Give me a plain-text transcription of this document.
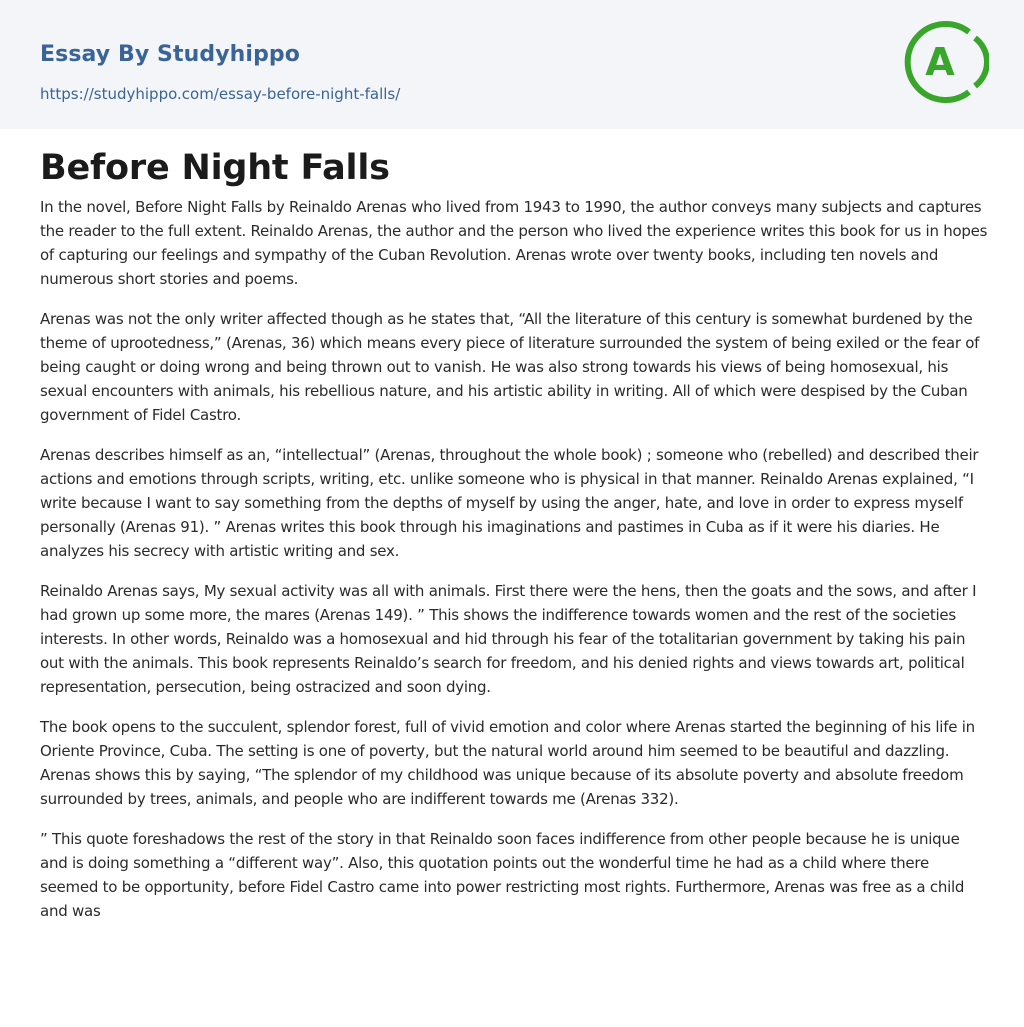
Essay By Studyhippo
https://studyhippo.com/essay-before-night-falls/
A
Before Night Falls

In the novel, Before Night Falls by Reinaldo Arenas who lived from 1943 to 1990, the author conveys many subjects and captures the reader to the full extent. Reinaldo Arenas, the author and the person who lived the experience writes this book for us in hopes of capturing our feelings and sympathy of the Cuban Revolution. Arenas wrote over twenty books, including ten novels and numerous short stories and poems.

Arenas was not the only writer affected though as he states that, “All the literature of this century is somewhat burdened by the theme of uprootedness,” (Arenas, 36) which means every piece of literature surrounded the system of being exiled or the fear of being caught or doing wrong and being thrown out to vanish. He was also strong towards his views of being homosexual, his sexual encounters with animals, his rebellious nature, and his artistic ability in writing. All of which were despised by the Cuban government of Fidel Castro.

Arenas describes himself as an, “intellectual” (Arenas, throughout the whole book) ; someone who (rebelled) and described their actions and emotions through scripts, writing, etc. unlike someone who is physical in that manner. Reinaldo Arenas explained, “I write because I want to say something from the depths of myself by using the anger, hate, and love in order to express myself personally (Arenas 91). ” Arenas writes this book through his imaginations and pastimes in Cuba as if it were his diaries. He analyzes his secrecy with artistic writing and sex.

Reinaldo Arenas says, My sexual activity was all with animals. First there were the hens, then the goats and the sows, and after I had grown up some more, the mares (Arenas 149). ” This shows the indifference towards women and the rest of the societies interests. In other words, Reinaldo was a homosexual and hid through his fear of the totalitarian government by taking his pain out with the animals. This book represents Reinaldo’s search for freedom, and his denied rights and views towards art, political representation, persecution, being ostracized and soon dying.

The book opens to the succulent, splendor forest, full of vivid emotion and color where Arenas started the beginning of his life in Oriente Province, Cuba. The setting is one of poverty, but the natural world around him seemed to be beautiful and dazzling. Arenas shows this by saying, “The splendor of my childhood was unique because of its absolute poverty and absolute freedom surrounded by trees, animals, and people who are indifferent towards me (Arenas 332).

” This quote foreshadows the rest of the story in that Reinaldo soon faces indifference from other people because he is unique and is doing something a “different way”. Also, this quotation points out the wonderful time he had as a child where there seemed to be opportunity, before Fidel Castro came into power restricting most rights. Furthermore, Arenas was free as a child and was
